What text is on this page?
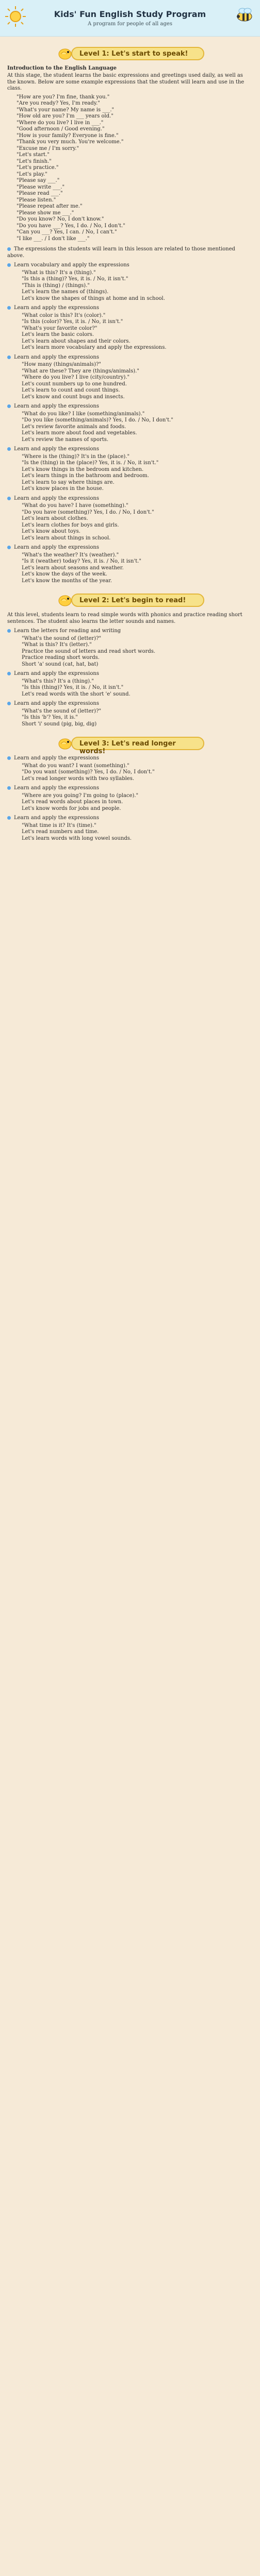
Kids' Fun English Study Program
A program for people of all ages
Level 1: Let's start to speak!
Introduction to the English Language
At this stage, the student learns the basic expressions and greetings used daily, as well as the known. Below are some example expressions that the student will learn and use in the class.
"How are you? I'm fine, thank you."
"Are you ready? Yes, I'm ready."
"What's your name? My name is ___."
"How old are you? I'm ___ years old."
"Where do you live? I live in ___."
"Good afternoon / Good evening."
"How is your family? Everyone is fine."
"Thank you very much. You're welcome."
"Excuse me / I'm sorry."
"Let's start."
"Let's finish."
"Let's practice."
"Let's play."
"Please say ___."
"Please write ___."
"Please read ___."
"Please listen."
"Please repeat after me."
"Please show me ___."
"Do you know? No, I don't know."
"Do you have ___? Yes, I do. / No, I don't."
"Can you ___? Yes, I can. / No, I can't."
"I like ___. / I don't like ___."
The expressions the students will learn in this lesson are related to those mentioned above.
Learn vocabulary and apply the expressions
"What is this? It's a (thing)."
"Is this a (thing)? Yes, it is. / No, it isn't."
"This is (thing) / (things)."
Let's learn the names of (things).
Let's know the shapes of things at home and in school.
Learn and apply the expressions
"What color is this? It's (color)."
"Is this (color)? Yes, it is. / No, it isn't."
"What's your favorite color?"
Let's learn the basic colors.
Let's learn about shapes and their colors.
Let's learn more vocabulary and apply the expressions.
Learn and apply the expressions
"How many (things/animals)?"
"What are these? They are (things/animals)."
"Where do you live? I live (city/country)."
Let's count numbers up to one hundred.
Let's learn to count and count things.
Let's know and count bugs and insects.
Learn and apply the expressions
"What do you like? I like (something/animals)."
"Do you like (something/animals)? Yes, I do. / No, I don't."
Let's review favorite animals and foods.
Let's learn more about food and vegetables.
Let's review the names of sports.
Learn and apply the expressions
"Where is the (thing)? It's in the (place)."
"Is the (thing) in the (place)? Yes, it is. / No, it isn't."
Let's know things in the bedroom and kitchen.
Let's learn things in the bathroom and bedroom.
Let's learn to say where things are.
Let's know places in the house.
Learn and apply the expressions
"What do you have? I have (something)."
"Do you have (something)? Yes, I do. / No, I don't."
Let's learn about clothes.
Let's learn clothes for boys and girls.
Let's know about toys.
Let's learn about things in school.
Learn and apply the expressions
"What's the weather? It's (weather)."
"Is it (weather) today? Yes, it is. / No, it isn't."
Let's learn about seasons and weather.
Let's know the days of the week.
Let's know the months of the year.
Level 2: Let's begin to read!
At this level, students learn to read simple words with phonics and practice reading short sentences. The student also learns the letter sounds and names.
Learn the letters for reading and writing
"What's the sound of (letter)?"
"What is this? It's (letter)."
Practice the sound of letters and read short words.
Practice reading short words.
Short 'a' sound (cat, hat, bat)
Learn and apply the expressions
"What's this? It's a (thing)."
"Is this (thing)? Yes, it is. / No, it isn't."
Let's read words with the short 'e' sound.
Learn and apply the expressions
"What's the sound of (letter)?"
"Is this 'b'? Yes, it is."
Short 'i' sound (pig, big, dig)
Level 3: Let's read longer words!
Learn and apply the expressions
"What do you want? I want (something)."
"Do you want (something)? Yes, I do. / No, I don't."
Let's read longer words with two syllables.
Learn and apply the expressions
"Where are you going? I'm going to (place)."
Let's read words about places in town.
Let's know words for jobs and people.
Learn and apply the expressions
"What time is it? It's (time)."
Let's read numbers and time.
Let's learn words with long vowel sounds.
